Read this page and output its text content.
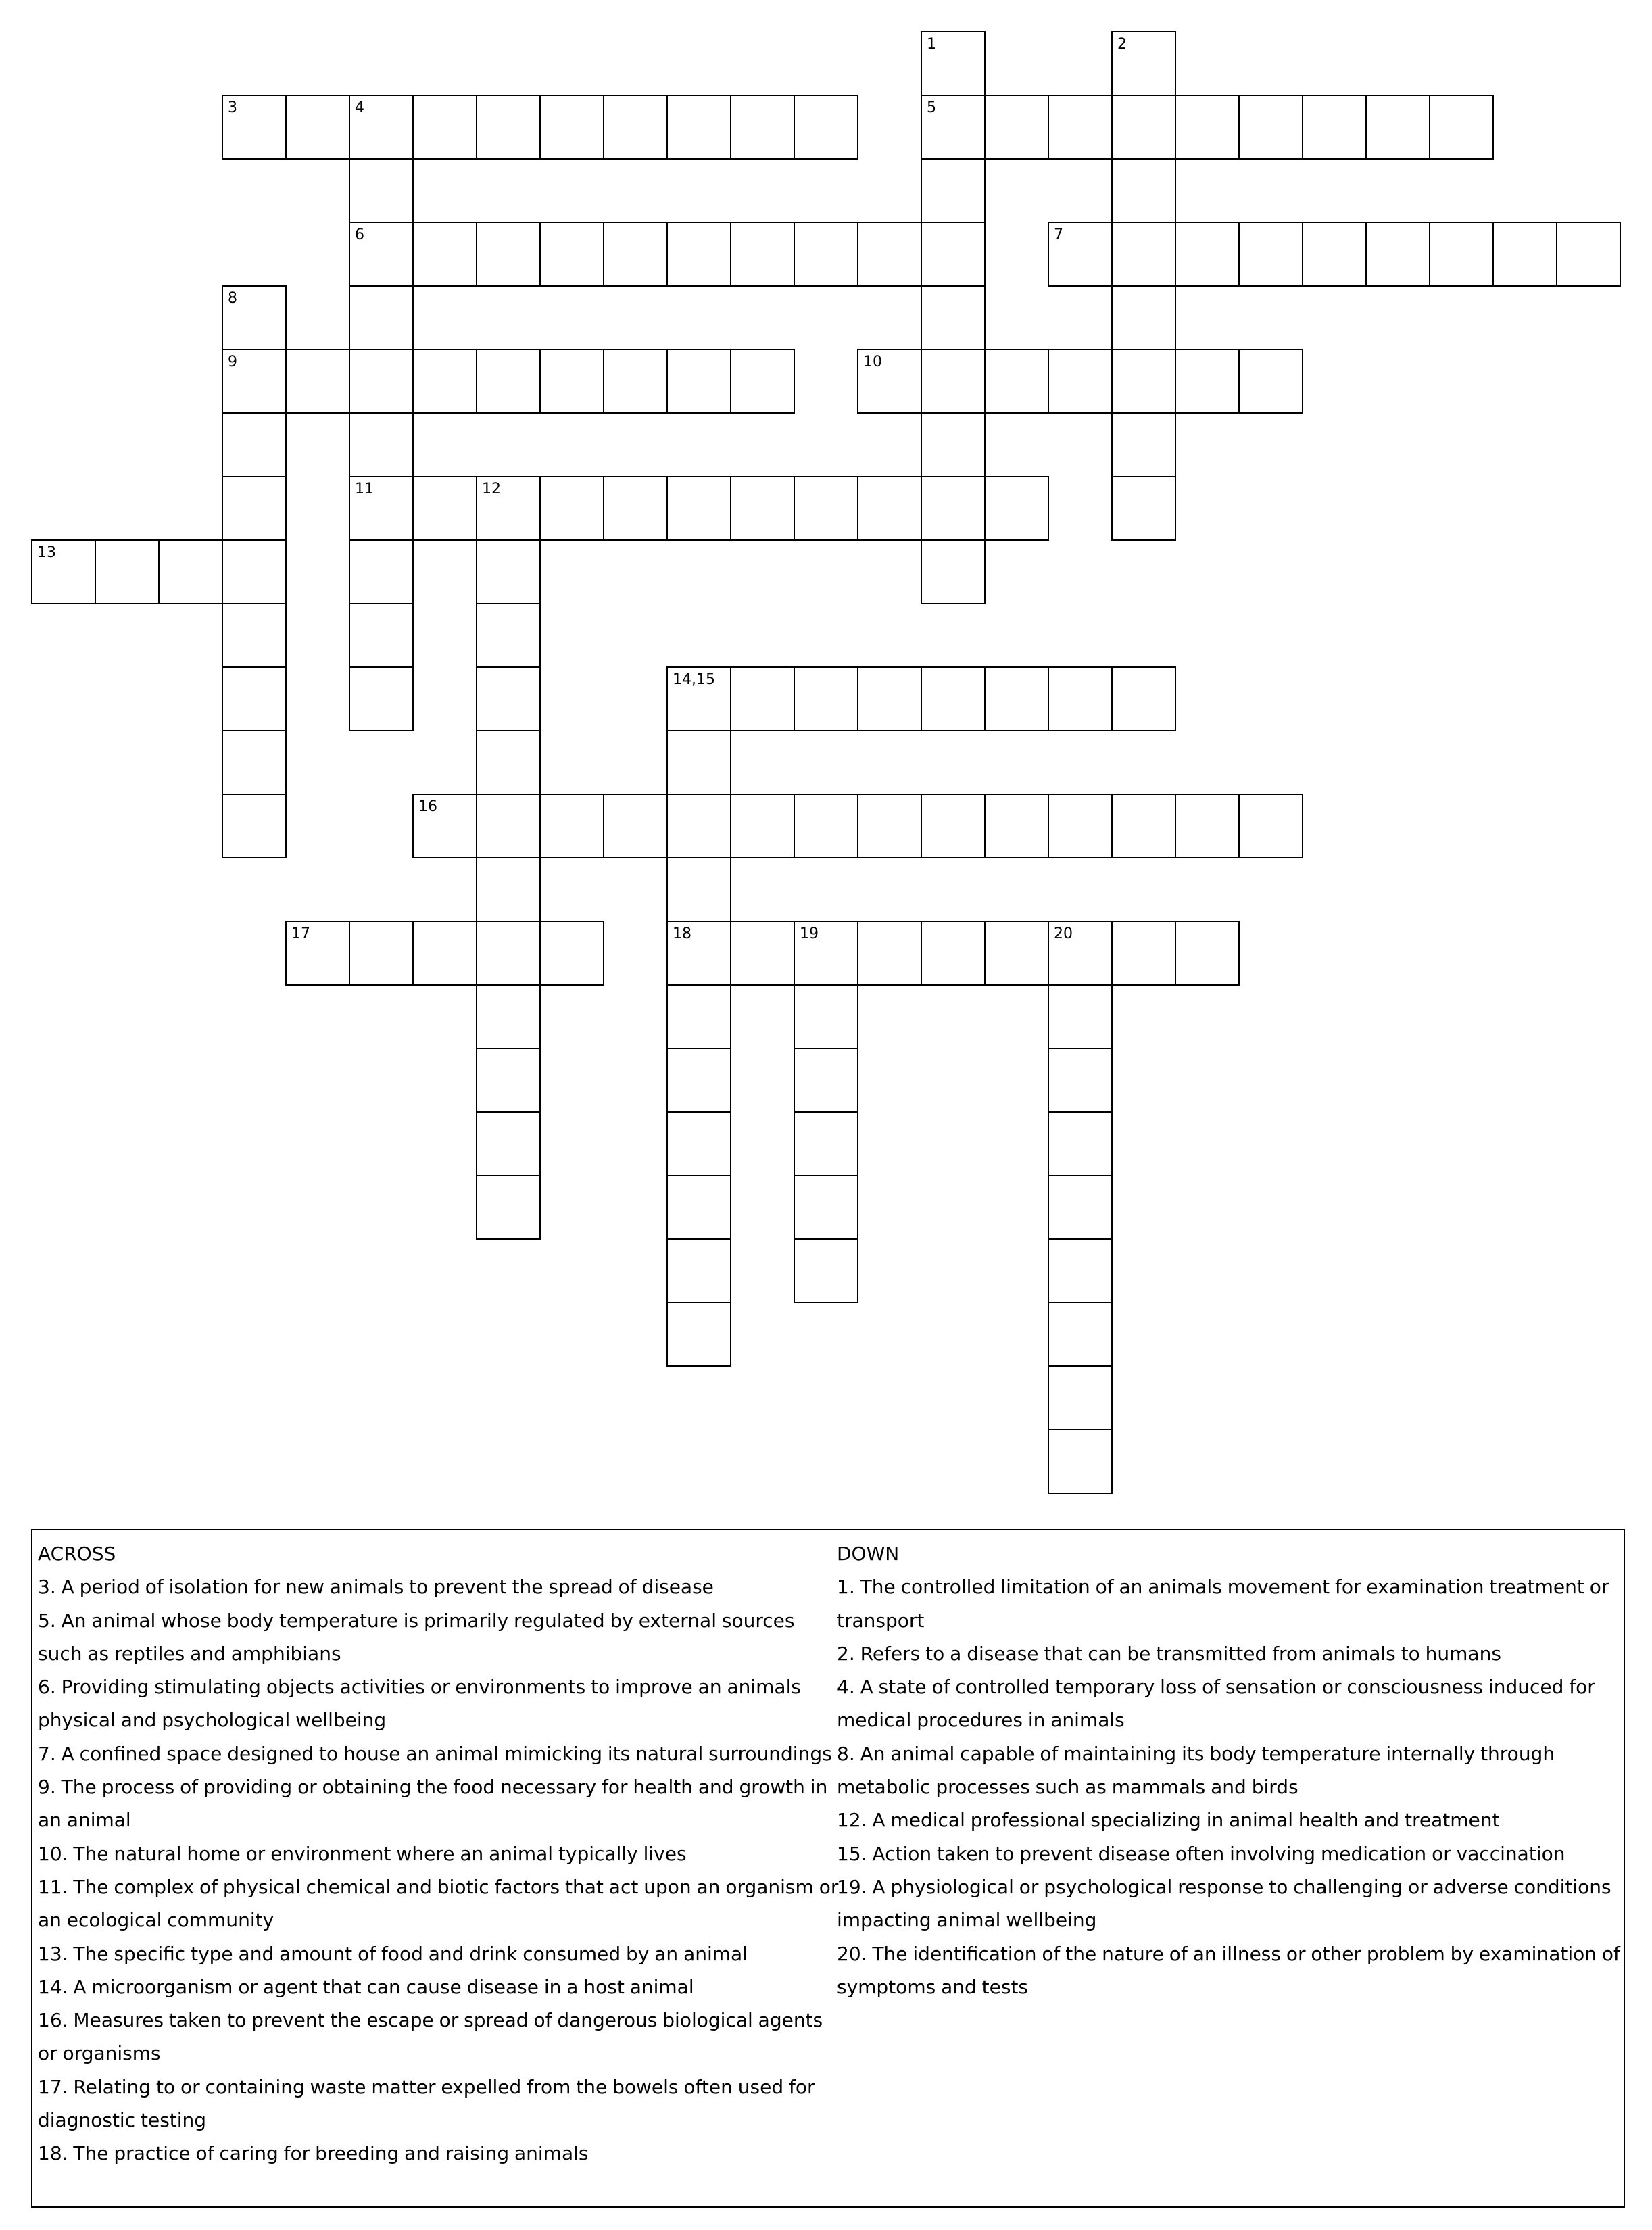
1	2
3	4	5
6	7
8
9	10
11	12
13
14,15
16
17	18	19	20
ACROSS
3. A period of isolation for new animals to prevent the spread of disease
5. An animal whose body temperature is primarily regulated by external sources such as reptiles and amphibians
6. Providing stimulating objects activities or environments to improve an animals physical and psychological wellbeing
7. A confined space designed to house an animal mimicking its natural surroundings
9. The process of providing or obtaining the food necessary for health and growth in an animal
10. The natural home or environment where an animal typically lives
11. The complex of physical chemical and biotic factors that act upon an organism or an ecological community
13. The specific type and amount of food and drink consumed by an animal
14. A microorganism or agent that can cause disease in a host animal
16. Measures taken to prevent the escape or spread of dangerous biological agents or organisms
17. Relating to or containing waste matter expelled from the bowels often used for diagnostic testing
18. The practice of caring for breeding and raising animals
DOWN
1. The controlled limitation of an animals movement for examination treatment or transport
2. Refers to a disease that can be transmitted from animals to humans
4. A state of controlled temporary loss of sensation or consciousness induced for medical procedures in animals
8. An animal capable of maintaining its body temperature internally through metabolic processes such as mammals and birds
12. A medical professional specializing in animal health and treatment
15. Action taken to prevent disease often involving medication or vaccination
19. A physiological or psychological response to challenging or adverse conditions impacting animal wellbeing
20. The identification of the nature of an illness or other problem by examination of symptoms and tests
